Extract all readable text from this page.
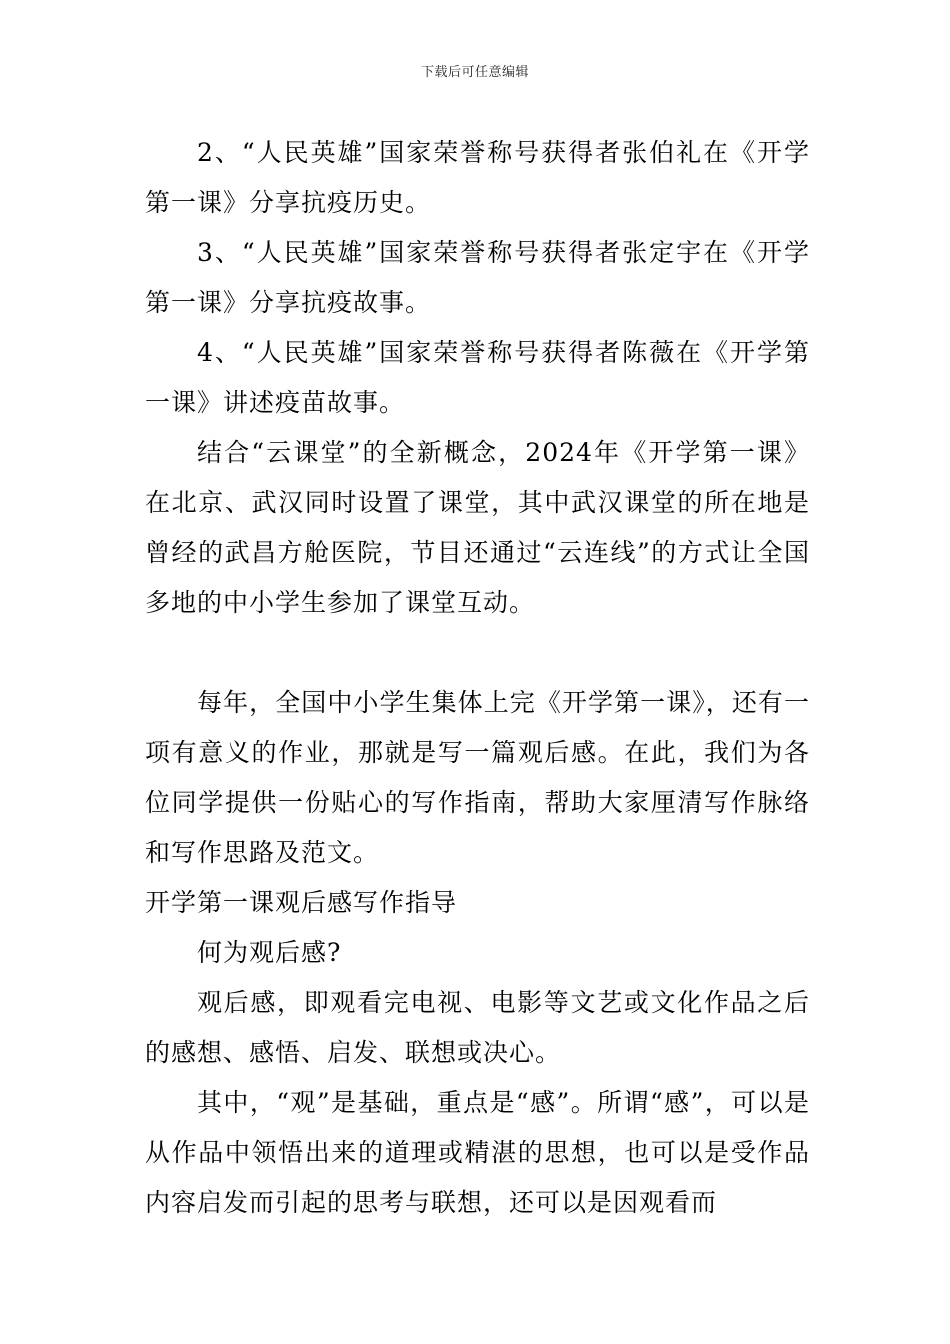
下载后可任意编辑

2、“人民英雄”国家荣誉称号获得者张伯礼在《开学第一课》分享抗疫历史。

3、“人民英雄”国家荣誉称号获得者张定宇在《开学第一课》分享抗疫故事。

4、“人民英雄”国家荣誉称号获得者陈薇在《开学第一课》讲述疫苗故事。

结合“云课堂”的全新概念，2024年《开学第一课》在北京、武汉同时设置了课堂，其中武汉课堂的所在地是曾经的武昌方舱医院，节目还通过“云连线”的方式让全国多地的中小学生参加了课堂互动。

每年，全国中小学生集体上完《开学第一课》，还有一项有意义的作业，那就是写一篇观后感。在此，我们为各位同学提供一份贴心的写作指南，帮助大家厘清写作脉络和写作思路及范文。

开学第一课观后感写作指导

何为观后感?

观后感，即观看完电视、电影等文艺或文化作品之后的感想、感悟、启发、联想或决心。

其中，“观”是基础，重点是“感”。所谓“感”，可以是从作品中领悟出来的道理或精湛的思想，也可以是受作品内容启发而引起的思考与联想，还可以是因观看而
